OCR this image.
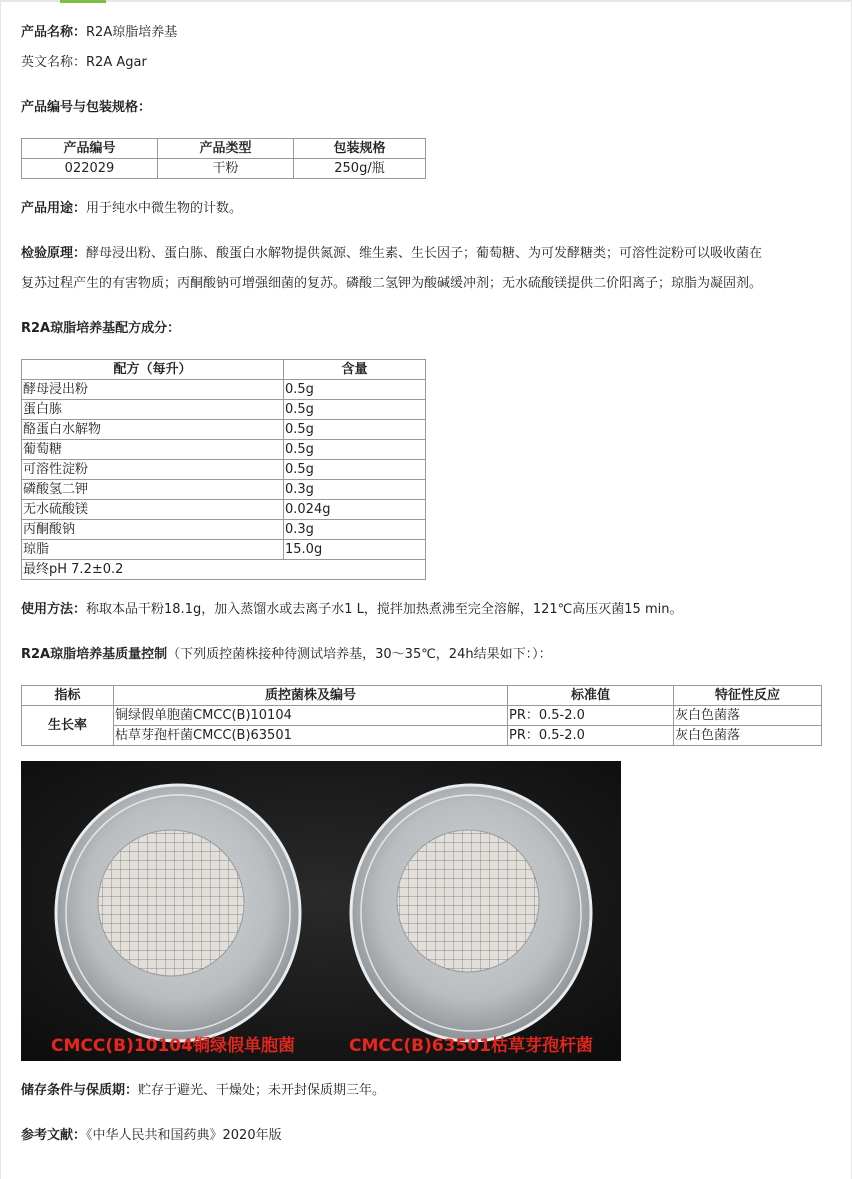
产品名称：R2A琼脂培养基
英文名称：R2A Agar
产品编号与包装规格：
产品编号	产品类型	包装规格
022029	干粉	250g/瓶
产品用途：用于纯水中微生物的计数。
检验原理：酵母浸出粉、蛋白胨、酸蛋白水解物提供氮源、维生素、生长因子；葡萄糖、为可发酵糖类；可溶性淀粉可以吸收菌在
复苏过程产生的有害物质；丙酮酸钠可增强细菌的复苏。磷酸二氢钾为酸碱缓冲剂；无水硫酸镁提供二价阳离子；琼脂为凝固剂。
R2A琼脂培养基配方成分：
配方（每升）	含量
酵母浸出粉	0.5g
蛋白胨	0.5g
酪蛋白水解物	0.5g
葡萄糖	0.5g
可溶性淀粉	0.5g
磷酸氢二钾	0.3g
无水硫酸镁	0.024g
丙酮酸钠	0.3g
琼脂	15.0g
最终pH 7.2±0.2	
使用方法：称取本品干粉18.1g，加入蒸馏水或去离子水1 L，搅拌加热煮沸至完全溶解，121℃高压灭菌15 min。
R2A琼脂培养基质量控制（下列质控菌株接种待测试培养基，30～35℃，24h结果如下：）：
指标	质控菌株及编号	标准值	特征性反应
生长率	铜绿假单胞菌CMCC(B)10104	PR：0.5-2.0	灰白色菌落
	枯草芽孢杆菌CMCC(B)63501	PR：0.5-2.0	灰白色菌落
CMCC(B)10104铜绿假单胞菌	CMCC(B)63501枯草芽孢杆菌
储存条件与保质期：贮存于避光、干燥处；未开封保质期三年。
参考文献：《中华人民共和国药典》2020年版
